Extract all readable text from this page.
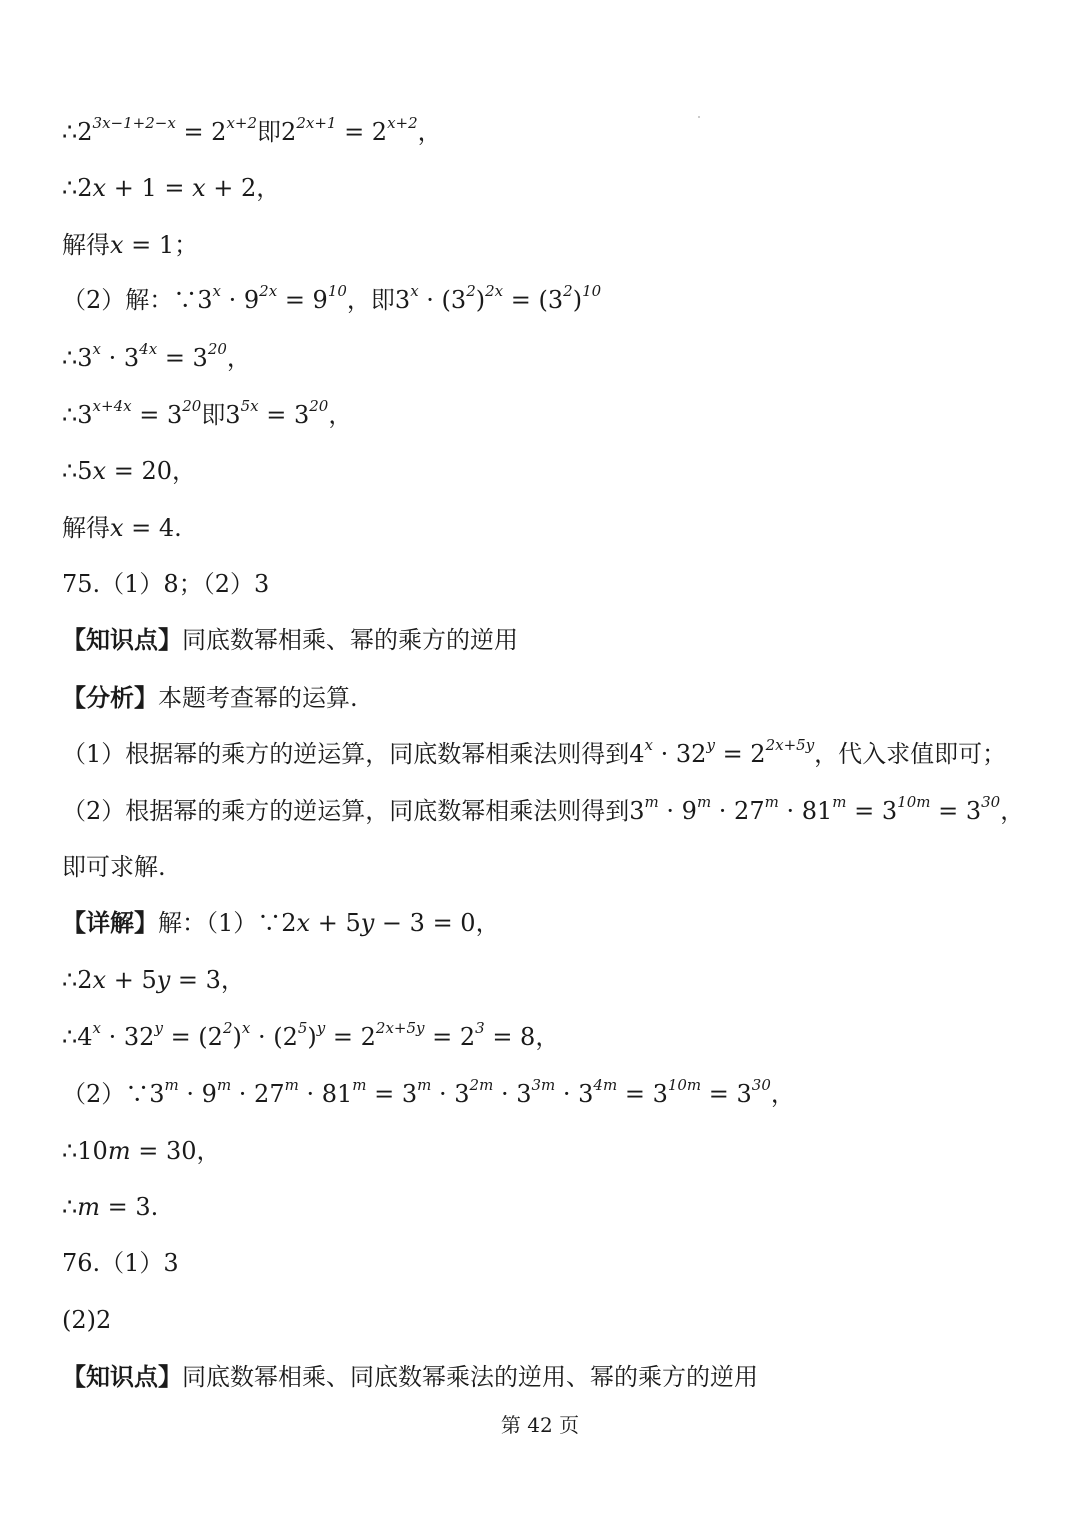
$\therefore 2^{3x-1+2-x} = 2^{x+2}$即$2^{2x+1} = 2^{x+2}$，
∴2x + 1 = x + 2，
解得x = 1；
（2）解：$\because 3^x \cdot 9^{2x} = 9^{10}$，即$3^x \cdot (3^2)^{2x} = (3^2)^{10}$
$\therefore 3^x \cdot 3^{4x} = 3^{20}$，
$\therefore 3^{x+4x} = 3^{20}$即$3^{5x} = 3^{20}$，
∴5x = 20，
解得x = 4.
75.（1）8；（2）3
【知识点】同底数幂相乘、幂的乘方的逆用
【分析】本题考查幂的运算.
（1）根据幂的乘方的逆运算，同底数幂相乘法则得到$4^x \cdot 32^y = 2^{2x+5y}$，代入求值即可；
（2）根据幂的乘方的逆运算，同底数幂相乘法则得到$3^m \cdot 9^m \cdot 27^m \cdot 81^m = 3^{10m} = 3^{30}$，
即可求解.
【详解】解：（1）∵2x + 5y − 3 = 0，
∴2x + 5y = 3，
$\therefore 4^x \cdot 32^y = (2^2)^x \cdot (2^5)^y = 2^{2x+5y} = 2^3 = 8$，
$(2)\because 3^m \cdot 9^m \cdot 27^m \cdot 81^m = 3^m \cdot 3^{2m} \cdot 3^{3m} \cdot 3^{4m} = 3^{10m} = 3^{30}$，
∴10m = 30，
∴m = 3.
76.（1）3
(2)2
【知识点】同底数幂相乘、同底数幂乘法的逆用、幂的乘方的逆用
第 42 页
